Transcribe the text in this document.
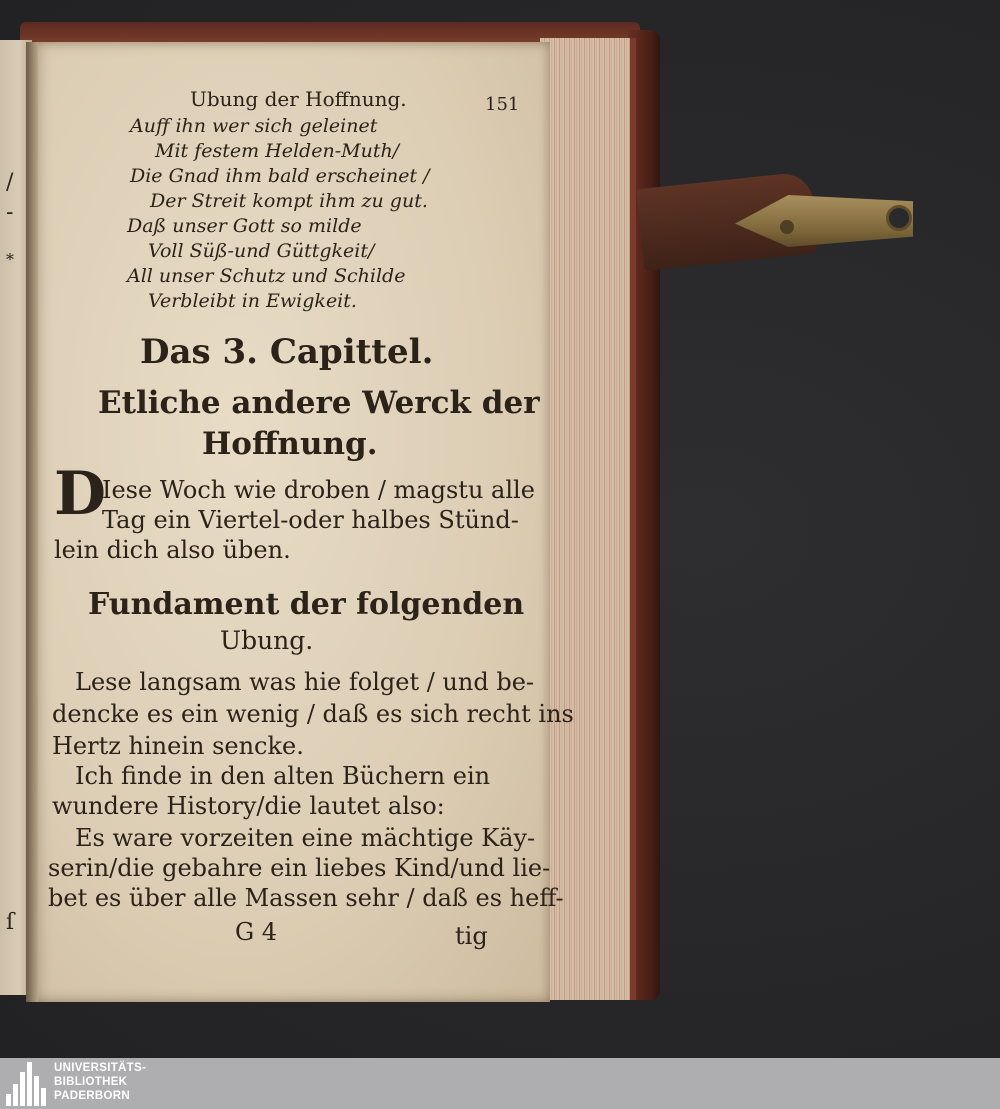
/
-
*
ſ
Ubung der Hoffnung.	151
Auff ihn wer sich geleinet
Mit festem Helden-Muth/
Die Gnad ihm bald erscheinet /
Der Streit kompt ihm zu gut.
Daß unser Gott so milde
Voll Süß-und Güttgkeit/
All unser Schutz und Schilde
Verbleibt in Ewigkeit.
Das 3. Capittel.
Etliche andere Werck der
Hoffnung.
D
Iese Woch wie droben / magstu alle
Tag ein Viertel-oder halbes Stünd-
lein dich also üben.
Fundament der folgenden
Ubung.
Lese langsam was hie folget / und be-
dencke es ein wenig / daß es sich recht ins
Hertz hinein sencke.
Ich finde in den alten Büchern ein
wundere History/die lautet also:
Es ware vorzeiten eine mächtige Käy-
serin/die gebahre ein liebes Kind/und lie-
bet es über alle Massen sehr / daß es heff-
G 4	tig
UNIVERSITÄTS-
BIBLIOTHEK
PADERBORN
